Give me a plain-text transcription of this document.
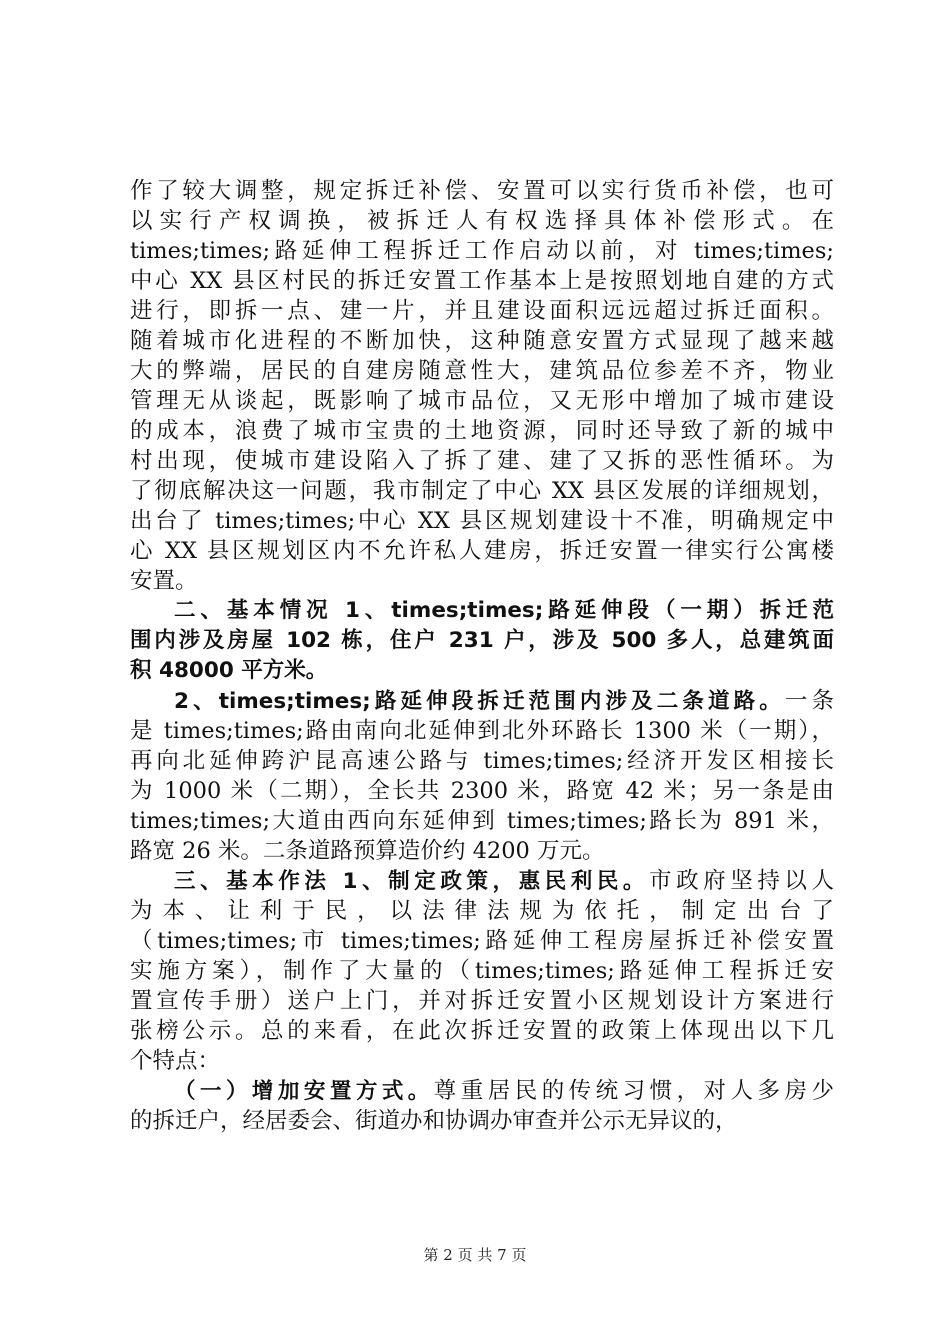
作了较大调整，规定拆迁补偿、安置可以实行货币补偿，也可
以实行产权调换，被拆迁人有权选择具体补偿形式。在
times;times;路延伸工程拆迁工作启动以前，对 times;times;
中心 XX 县区村民的拆迁安置工作基本上是按照划地自建的方式
进行，即拆一点、建一片，并且建设面积远远超过拆迁面积。
随着城市化进程的不断加快，这种随意安置方式显现了越来越
大的弊端，居民的自建房随意性大，建筑品位参差不齐，物业
管理无从谈起，既影响了城市品位，又无形中增加了城市建设
的成本，浪费了城市宝贵的土地资源，同时还导致了新的城中
村出现，使城市建设陷入了拆了建、建了又拆的恶性循环。为
了彻底解决这一问题，我市制定了中心 XX 县区发展的详细规划，
出台了 times;times;中心 XX 县区规划建设十不准，明确规定中
心 XX 县区规划区内不允许私人建房，拆迁安置一律实行公寓楼
安置。
二、基本情况 1、times;times;路延伸段（一期）拆迁范
围内涉及房屋 102 栋，住户 231 户，涉及 500 多人，总建筑面
积 48000 平方米。
2、times;times;路延伸段拆迁范围内涉及二条道路。一条
是 times;times;路由南向北延伸到北外环路长 1300 米（一期），
再向北延伸跨沪昆高速公路与 times;times;经济开发区相接长
为 1000 米（二期），全长共 2300 米，路宽 42 米；另一条是由
times;times;大道由西向东延伸到 times;times;路长为 891 米，
路宽 26 米。二条道路预算造价约 4200 万元。
三、基本作法 1、制定政策，惠民利民。市政府坚持以人
为本、让利于民，以法律法规为依托，制定出台了
（times;times;市 times;times;路延伸工程房屋拆迁补偿安置
实施方案），制作了大量的（times;times;路延伸工程拆迁安
置宣传手册）送户上门，并对拆迁安置小区规划设计方案进行
张榜公示。总的来看，在此次拆迁安置的政策上体现出以下几
个特点：
（一）增加安置方式。尊重居民的传统习惯，对人多房少
的拆迁户，经居委会、街道办和协调办审查并公示无异议的，
第 2 页 共 7 页
